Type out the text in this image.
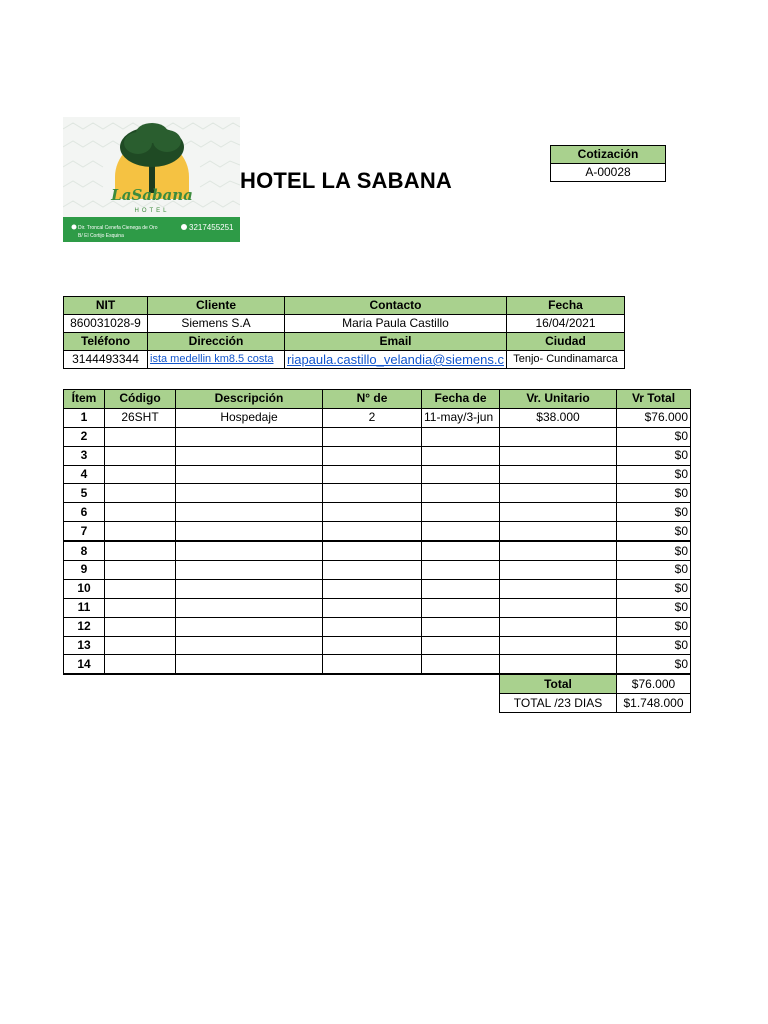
LaSabana
HOTEL
Dir. Troncal Cenefa Cienega de Oro
B/ El Cortijo Esquina
3217455251
HOTEL LA SABANA
Cotización
A-00028
NIT	Cliente	Contacto	Fecha
860031028-9	Siemens S.A	Maria Paula Castillo	16/04/2021
Teléfono	Dirección	Email	Ciudad
3144493344	ista medellin km8.5 costa	riapaula.castillo_velandia@siemens.c	Tenjo- Cundinamarca
Ítem	Código	Descripción	N° de	Fecha de	Vr. Unitario	Vr Total
1	26SHT	Hospedaje	2	11-may/3-jun	$38.000	$76.000
2						$0
3						$0
4						$0
5						$0
6						$0
7						$0
8						$0
9						$0
10						$0
11						$0
12						$0
13						$0
14						$0
					Total	$76.000
					TOTAL /23 DIAS	$1.748.000
